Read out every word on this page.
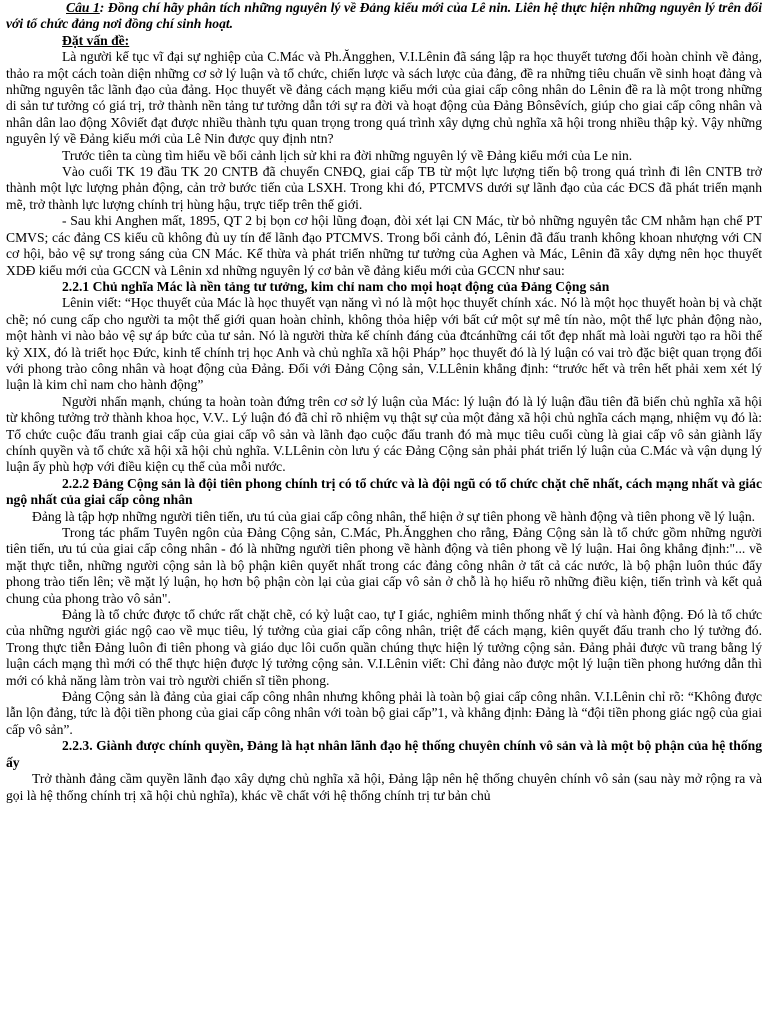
Câu 1: Đồng chí hãy phân tích những nguyên lý về Đảng kiểu mới của Lê nin. Liên hệ thực hiện những nguyên lý trên đối với tổ chức đảng nơi đồng chí sinh hoạt.

Đặt vấn đề:

Là người kế tục vĩ đại sự nghiệp của C.Mác và Ph.Ăngghen, V.I.Lênin đã sáng lập ra học thuyết tương đối hoàn chỉnh về đảng, thảo ra một cách toàn diện những cơ sở lý luận và tổ chức, chiến lược và sách lược của đảng, đề ra những tiêu chuẩn về sinh hoạt đảng và những nguyên tắc lãnh đạo của đảng. Học thuyết về đảng cách mạng kiểu mới của giai cấp công nhân do Lênin đề ra là một trong những di sản tư tưởng có giá trị, trở thành nền tảng tư tưởng dẫn tới sự ra đời và hoạt động của Đảng Bônsêvích, giúp cho giai cấp công nhân và nhân dân lao động Xôviết đạt được nhiều thành tựu quan trọng trong quá trình xây dựng chủ nghĩa xã hội trong nhiều thập kỷ. Vậy những nguyên lý về Đảng kiểu mới của Lê Nin được quy định ntn?

Trước tiên ta cùng tìm hiểu về bối cảnh lịch sử khi ra đời những nguyên lý về Đảng kiểu mới của Le nin.

Vào cuối TK 19 đầu TK 20 CNTB đã chuyển CNĐQ, giai cấp TB từ một lực lượng tiến bộ trong quá trình đi lên CNTB trở thành một lực lượng phản động, cản trở bước tiến của LSXH. Trong khi đó, PTCMVS dưới sự lãnh đạo của các ĐCS đã phát triển mạnh mẽ, trở thành lực lượng chính trị hùng hậu, trực tiếp trên thế giới.

- Sau khi Anghen mất, 1895, QT 2 bị bọn cơ hội lũng đoạn, đòi xét lại CN Mác, từ bỏ những nguyên tắc CM nhằm hạn chế PT CMVS; các đảng CS kiểu cũ không đủ uy tín để lãnh đạo PTCMVS. Trong bối cảnh đó, Lênin đã đấu tranh không khoan nhượng với CN cơ hội, bảo vệ sự trong sáng của CN Mác. Kế thừa và phát triển những tư tưởng của Aghen và Mác, Lênin đã xây dựng nên học thuyết XDĐ kiểu mới của GCCN và Lênin xd những nguyên lý cơ bản về đảng kiểu mới của GCCN như sau:

2.2.1 Chủ nghĩa Mác là nền tảng tư tưởng, kim chỉ nam cho mọi hoạt động của Đảng Cộng sản

Lênin viết: “Học thuyết của Mác là học thuyết vạn năng vì nó là một học thuyết chính xác. Nó là một học thuyết hoàn bị và chặt chẽ; nó cung cấp cho người ta một thế giới quan hoàn chỉnh, không thỏa hiệp với bất cứ một sự mê tín nào, một thế lực phản động nào, một hành vi nào bảo vệ sự áp bức của tư sản. Nó là người thừa kế chính đáng của đtcánhững cái tốt đẹp nhất mà loài người tạo ra hồi thế kỷ XIX, đó là triết học Đức, kinh tế chính trị học Anh và chủ nghĩa xã hội Pháp” học thuyết đó là lý luận có vai trò đặc biệt quan trọng đối với phong trào công nhân và hoạt động của Đảng. Đối với Đảng Cộng sản, V.LLênin khẳng định: “trước hết và trên hết phải xem xét lý luận là kim chỉ nam cho hành động”

Người nhấn mạnh, chúng ta hoàn toàn đứng trên cơ sở lý luận của Mác: lý luận đó là lý luận đầu tiên đã biến chủ nghĩa xã hội từ không tưởng trở thành khoa học, V.V.. Lý luận đó đã chỉ rõ nhiệm vụ thật sự của một đảng xã hội chủ nghĩa cách mạng, nhiệm vụ đó là: Tổ chức cuộc đấu tranh giai cấp của giai cấp vô sản và lãnh đạo cuộc đấu tranh đó mà mục tiêu cuối cùng là giai cấp vô sản giành lấy chính quyền và tổ chức xã hội xã hội chủ nghĩa. V.LLênin còn lưu ý các Đảng Cộng sản phải phát triển lý luận của C.Mác và vận dụng lý luận ấy phù hợp với điều kiện cụ thể của mỗi nước.

2.2.2 Đảng Cộng sản là đội tiên phong chính trị có tổ chức và là đội ngũ có tổ chức chặt chẽ nhất, cách mạng nhất và giác ngộ nhất của giai cấp công nhân

Đảng là tập hợp những người tiên tiến, ưu tú của giai cấp công nhân, thể hiện ở sự tiên phong về hành động và tiên phong về lý luận.

Trong tác phẩm Tuyên ngôn của Đảng Cộng sản, C.Mác, Ph.Ăngghen cho rằng, Đảng Cộng sản là tổ chức gồm những người tiên tiến, ưu tú của giai cấp công nhân - đó là những người tiên phong về hành động và tiên phong về lý luận. Hai ông khẳng định:"... về mặt thực tiễn, những người cộng sản là bộ phận kiên quyết nhất trong các đảng công nhân ở tất cả các nước, là bộ phận luôn thúc đẩy phong trào tiến lên; về mặt lý luận, họ hơn bộ phận còn lại của giai cấp vô sản ở chỗ là họ hiểu rõ những điều kiện, tiến trình và kết quả chung của phong trào vô sản".

Đảng là tổ chức được tổ chức rất chặt chẽ, có kỷ luật cao, tự I giác, nghiêm minh thống nhất ý chí và hành động. Đó là tổ chức của những người giác ngộ cao về mục tiêu, lý tưởng của giai cấp công nhân, triệt để cách mạng, kiên quyết đấu tranh cho lý tưởng đó. Trong thực tiễn Đảng luôn đi tiên phong và giáo dục lôi cuốn quần chúng thực hiện lý tưởng cộng sản. Đảng phải được vũ trang bằng lý luận cách mạng thì mới có thể thực hiện được lý tưởng cộng sản. V.I.Lênin viết: Chỉ đảng nào được một lý luận tiền phong hướng dẫn thì mới có khả năng làm tròn vai trò người chiến sĩ tiền phong.

Đảng Cộng sản là đảng của giai cấp công nhân nhưng không phải là toàn bộ giai cấp công nhân. V.I.Lênin chỉ rõ: “Không được lẫn lộn đảng, tức là đội tiền phong của giai cấp công nhân với toàn bộ giai cấp”1, và khẳng định: Đảng là “đội tiền phong giác ngộ của giai cấp vô sản”.

2.2.3. Giành được chính quyền, Đảng là hạt nhân lãnh đạo hệ thống chuyên chính vô sản và là một bộ phận của hệ thống ấy

Trở thành đảng cầm quyền lãnh đạo xây dựng chủ nghĩa xã hội, Đảng lập nên hệ thống chuyên chính vô sản (sau này mở rộng ra và gọi là hệ thống chính trị xã hội chủ nghĩa), khác về chất với hệ thống chính trị tư bản chủ
